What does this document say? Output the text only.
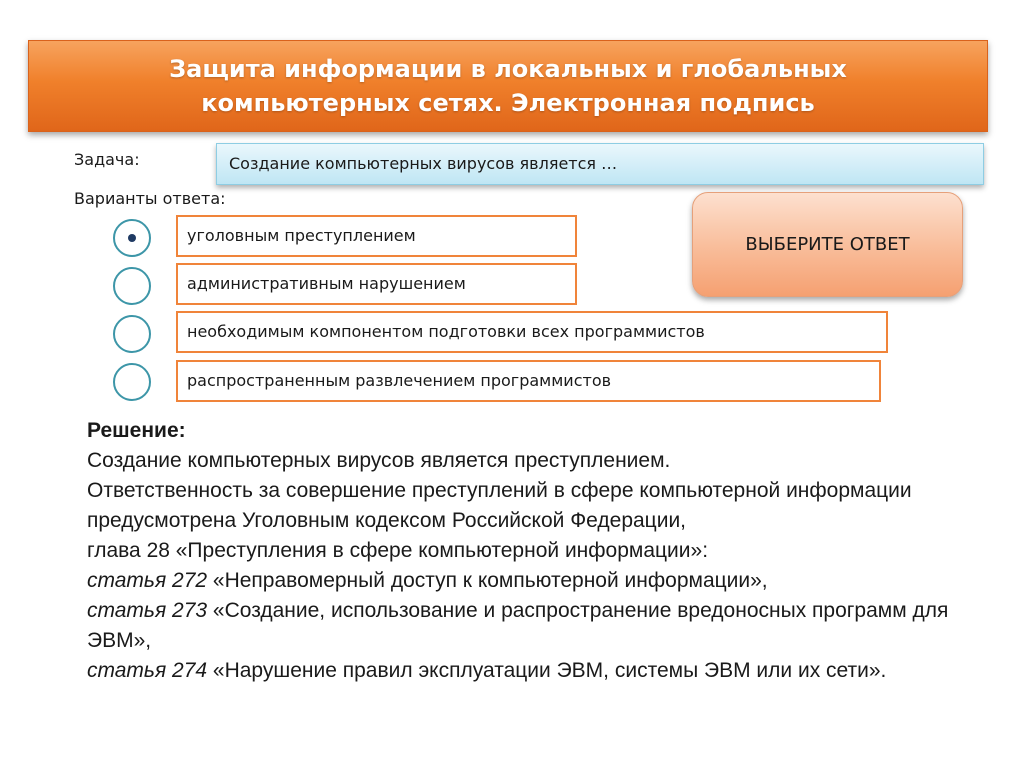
Защита информации в локальных и глобальных
компьютерных сетях. Электронная подпись
Задача:	Создание компьютерных вирусов является …
Варианты ответа:
уголовным преступлением
административным нарушением
необходимым компонентом подготовки всех программистов
распространенным развлечением программистов
ВЫБЕРИТЕ ОТВЕТ

Решение:

Создание компьютерных вирусов является преступлением.

Ответственность за совершение преступлений в сфере компьютерной информации предусмотрена Уголовным кодексом Российской Федерации,

глава 28 «Преступления в сфере компьютерной информации»:

статья 272 «Неправомерный доступ к компьютерной информации»,

статья 273 «Создание, использование и распространение вредоносных программ для ЭВМ»,

статья 274 «Нарушение правил эксплуатации ЭВМ, системы ЭВМ или их сети».
